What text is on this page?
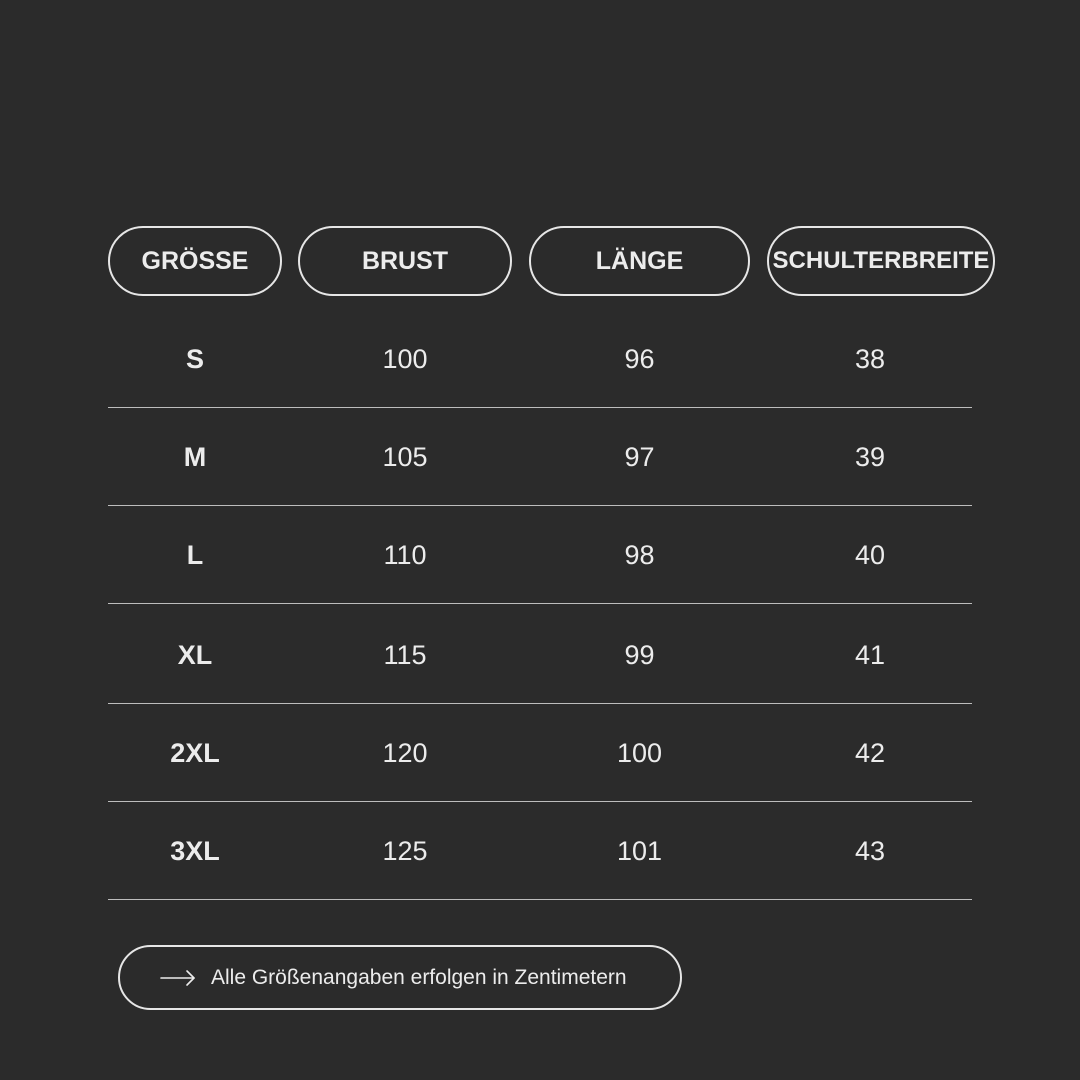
GRÖSSE	BRUST	LÄNGE	SCHULTERBREITE
S	100	96	38
M	105	97	39
L	110	98	40
XL	115	99	41
2XL	120	100	42
3XL	125	101	43
Alle Größenangaben erfolgen in Zentimetern
